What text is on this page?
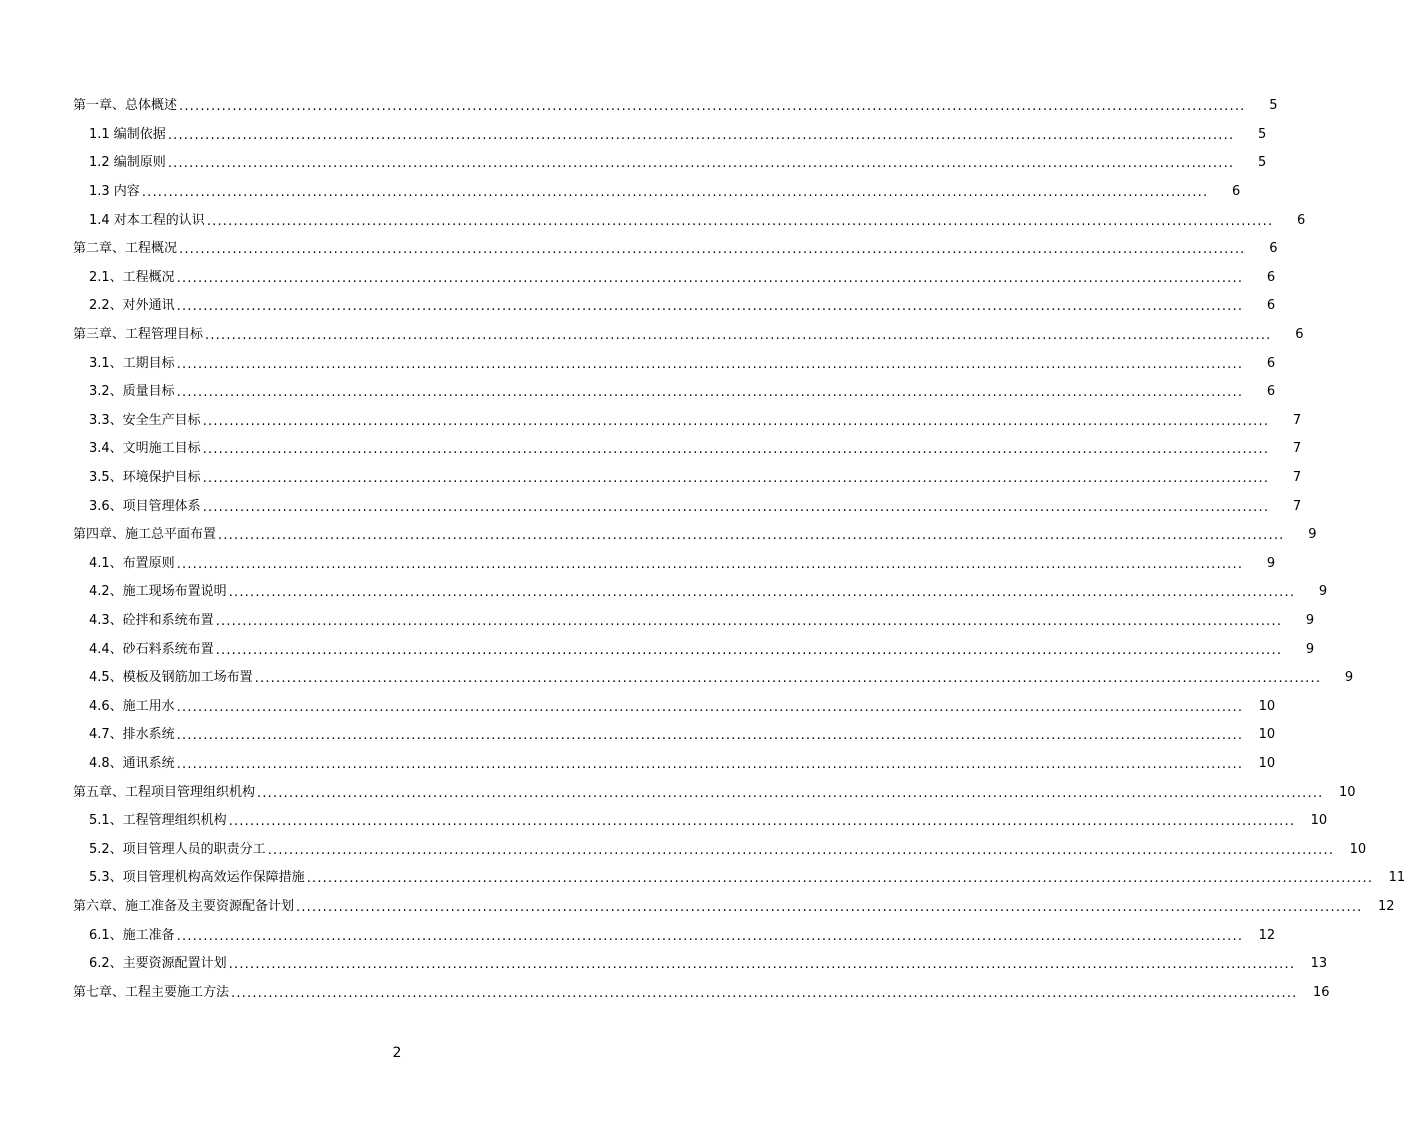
第一章、总体概述 ........................................................................................................................................................................................................	5
1.1 编制依据 ........................................................................................................................................................................................................	5
1.2 编制原则 ........................................................................................................................................................................................................	5
1.3 内容 ........................................................................................................................................................................................................	6
1.4 对本工程的认识 ........................................................................................................................................................................................................	6
第二章、工程概况 ........................................................................................................................................................................................................	6
2.1、工程概况 ........................................................................................................................................................................................................	6
2.2、对外通讯 ........................................................................................................................................................................................................	6
第三章、工程管理目标 ........................................................................................................................................................................................................	6
3.1、工期目标 ........................................................................................................................................................................................................	6
3.2、质量目标 ........................................................................................................................................................................................................	6
3.3、安全生产目标 ........................................................................................................................................................................................................	7
3.4、文明施工目标 ........................................................................................................................................................................................................	7
3.5、环境保护目标 ........................................................................................................................................................................................................	7
3.6、项目管理体系 ........................................................................................................................................................................................................	7
第四章、施工总平面布置 ........................................................................................................................................................................................................	9
4.1、布置原则 ........................................................................................................................................................................................................	9
4.2、施工现场布置说明 ........................................................................................................................................................................................................	9
4.3、砼拌和系统布置 ........................................................................................................................................................................................................	9
4.4、砂石料系统布置 ........................................................................................................................................................................................................	9
4.5、模板及钢筋加工场布置 ........................................................................................................................................................................................................	9
4.6、施工用水 ........................................................................................................................................................................................................	10
4.7、排水系统 ........................................................................................................................................................................................................	10
4.8、通讯系统 ........................................................................................................................................................................................................	10
第五章、工程项目管理组织机构 ........................................................................................................................................................................................................	10
5.1、工程管理组织机构 ........................................................................................................................................................................................................	10
5.2、项目管理人员的职责分工 ........................................................................................................................................................................................................	10
5.3、项目管理机构高效运作保障措施 ........................................................................................................................................................................................................	11
第六章、施工准备及主要资源配备计划 ........................................................................................................................................................................................................	12
6.1、施工准备 ........................................................................................................................................................................................................	12
6.2、主要资源配置计划 ........................................................................................................................................................................................................	13
第七章、工程主要施工方法 ........................................................................................................................................................................................................	16
2
